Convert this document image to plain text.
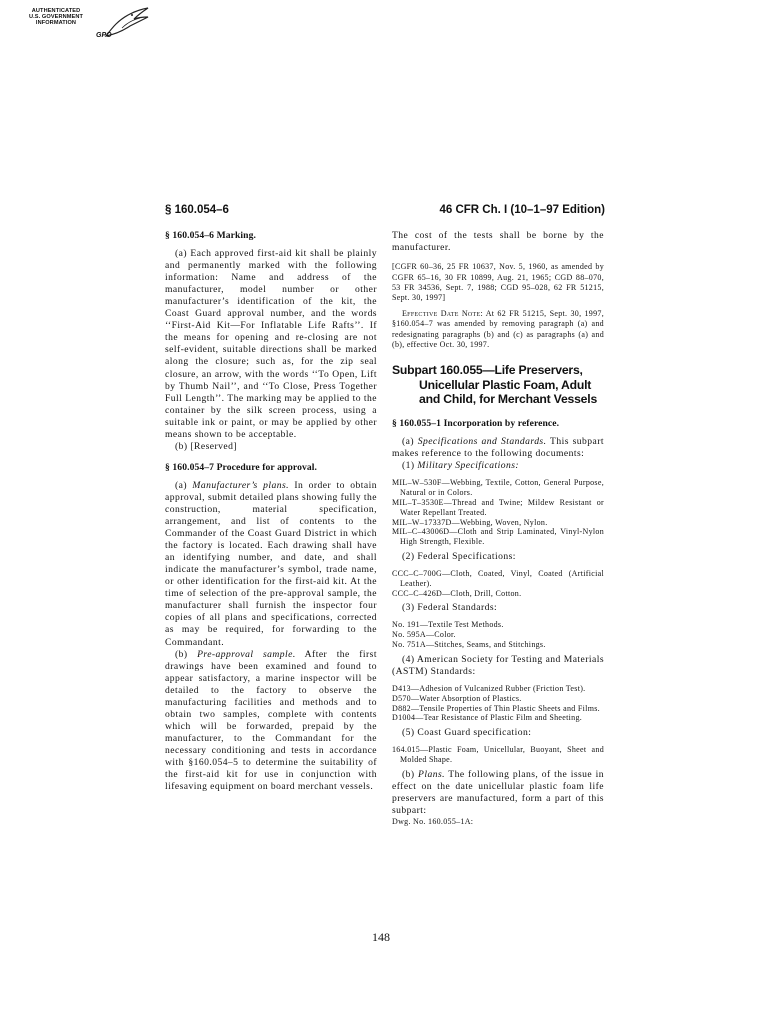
AUTHENTICATED
U.S. GOVERNMENT
INFORMATION
GPO
§ 160.054–6	46 CFR Ch. I (10–1–97 Edition)

§ 160.054–6 Marking.

(a) Each approved first-aid kit shall be plainly and permanently marked with the following information: Name and address of the manufacturer, model number or other manufacturer’s identification of the kit, the Coast Guard approval number, and the words ‘‘First-Aid Kit—For Inflatable Life Rafts’’. If the means for opening and re-closing are not self-evident, suitable directions shall be marked along the closure; such as, for the zip seal closure, an arrow, with the words ‘‘To Open, Lift by Thumb Nail’’, and ‘‘To Close, Press Together Full Length’’. The marking may be applied to the container by the silk screen process, using a suitable ink or paint, or may be applied by other means shown to be acceptable.

(b) [Reserved]

§ 160.054–7 Procedure for approval.

(a) Manufacturer’s plans. In order to obtain approval, submit detailed plans showing fully the construction, material specification, arrangement, and list of contents to the Commander of the Coast Guard District in which the factory is located. Each drawing shall have an identifying number, and date, and shall indicate the manufacturer’s symbol, trade name, or other identification for the first-aid kit. At the time of selection of the pre-approval sample, the manufacturer shall furnish the inspector four copies of all plans and specifications, corrected as may be required, for forwarding to the Commandant.

(b) Pre-approval sample. After the first drawings have been examined and found to appear satisfactory, a marine inspector will be detailed to the factory to observe the manufacturing facilities and methods and to obtain two samples, complete with contents which will be forwarded, prepaid by the manufacturer, to the Commandant for the necessary conditioning and tests in accordance with §160.054–5 to determine the suitability of the first-aid kit for use in conjunction with lifesaving equipment on board merchant vessels.

The cost of the tests shall be borne by the manufacturer.

[CGFR 60–36, 25 FR 10637, Nov. 5, 1960, as amended by CGFR 65–16, 30 FR 10899, Aug. 21, 1965; CGD 88–070, 53 FR 34536, Sept. 7, 1988; CGD 95–028, 62 FR 51215, Sept. 30, 1997]

Effective Date Note: At 62 FR 51215, Sept. 30, 1997, §160.054–7 was amended by removing paragraph (a) and redesignating paragraphs (b) and (c) as paragraphs (a) and (b), effective Oct. 30, 1997.

Subpart 160.055—Life Preservers, Unicellular Plastic Foam, Adult and Child, for Merchant Vessels

§ 160.055–1 Incorporation by reference.

(a) Specifications and Standards. This subpart makes reference to the following documents:

(1) Military Specifications:

MIL–W–530F—Webbing, Textile, Cotton, General Purpose, Natural or in Colors.

MIL–T–3530E—Thread and Twine; Mildew Resistant or Water Repellant Treated.

MIL–W–17337D—Webbing, Woven, Nylon.

MIL–C–43006D—Cloth and Strip Laminated, Vinyl-Nylon High Strength, Flexible.

(2) Federal Specifications:

CCC–C–700G—Cloth, Coated, Vinyl, Coated (Artificial Leather).

CCC–C–426D—Cloth, Drill, Cotton.

(3) Federal Standards:

No. 191—Textile Test Methods.

No. 595A—Color.

No. 751A—Stitches, Seams, and Stitchings.

(4) American Society for Testing and Materials (ASTM) Standards:

D413—Adhesion of Vulcanized Rubber (Friction Test).

D570—Water Absorption of Plastics.

D882—Tensile Properties of Thin Plastic Sheets and Films.

D1004—Tear Resistance of Plastic Film and Sheeting.

(5) Coast Guard specification:

164.015—Plastic Foam, Unicellular, Buoyant, Sheet and Molded Shape.

(b) Plans. The following plans, of the issue in effect on the date unicellular plastic foam life preservers are manufactured, form a part of this subpart:

Dwg. No. 160.055–1A:

148
